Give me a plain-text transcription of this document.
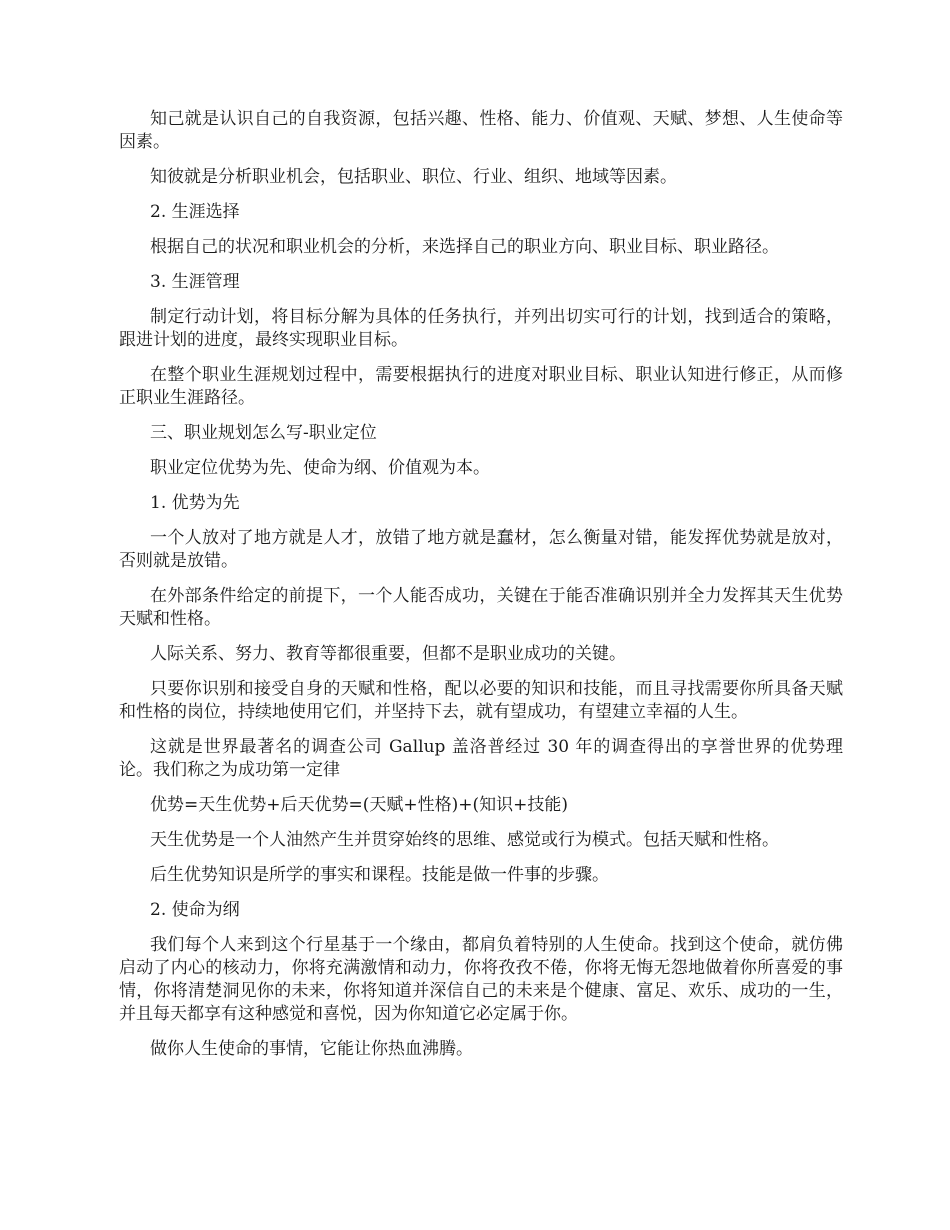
知己就是认识自己的自我资源，包括兴趣、性格、能力、价值观、天赋、梦想、人生使命等因素。

知彼就是分析职业机会，包括职业、职位、行业、组织、地域等因素。

2. 生涯选择

根据自己的状况和职业机会的分析，来选择自己的职业方向、职业目标、职业路径。

3. 生涯管理

制定行动计划，将目标分解为具体的任务执行，并列出切实可行的计划，找到适合的策略，跟进计划的进度，最终实现职业目标。

在整个职业生涯规划过程中，需要根据执行的进度对职业目标、职业认知进行修正，从而修正职业生涯路径。

三、职业规划怎么写-职业定位

职业定位优势为先、使命为纲、价值观为本。

1. 优势为先

一个人放对了地方就是人才，放错了地方就是蠢材，怎么衡量对错，能发挥优势就是放对，否则就是放错。

在外部条件给定的前提下，一个人能否成功，关键在于能否准确识别并全力发挥其天生优势天赋和性格。

人际关系、努力、教育等都很重要，但都不是职业成功的关键。

只要你识别和接受自身的天赋和性格，配以必要的知识和技能，而且寻找需要你所具备天赋和性格的岗位，持续地使用它们，并坚持下去，就有望成功，有望建立幸福的人生。

这就是世界最著名的调查公司 Gallup 盖洛普经过 30 年的调查得出的享誉世界的优势理论。我们称之为成功第一定律

优势=天生优势+后天优势=(天赋+性格)+(知识+技能)

天生优势是一个人油然产生并贯穿始终的思维、感觉或行为模式。包括天赋和性格。

后生优势知识是所学的事实和课程。技能是做一件事的步骤。

2. 使命为纲

我们每个人来到这个行星基于一个缘由，都肩负着特别的人生使命。找到这个使命，就仿佛启动了内心的核动力，你将充满激情和动力，你将孜孜不倦，你将无悔无怨地做着你所喜爱的事情，你将清楚洞见你的未来，你将知道并深信自己的未来是个健康、富足、欢乐、成功的一生，并且每天都享有这种感觉和喜悦，因为你知道它必定属于你。

做你人生使命的事情，它能让你热血沸腾。
